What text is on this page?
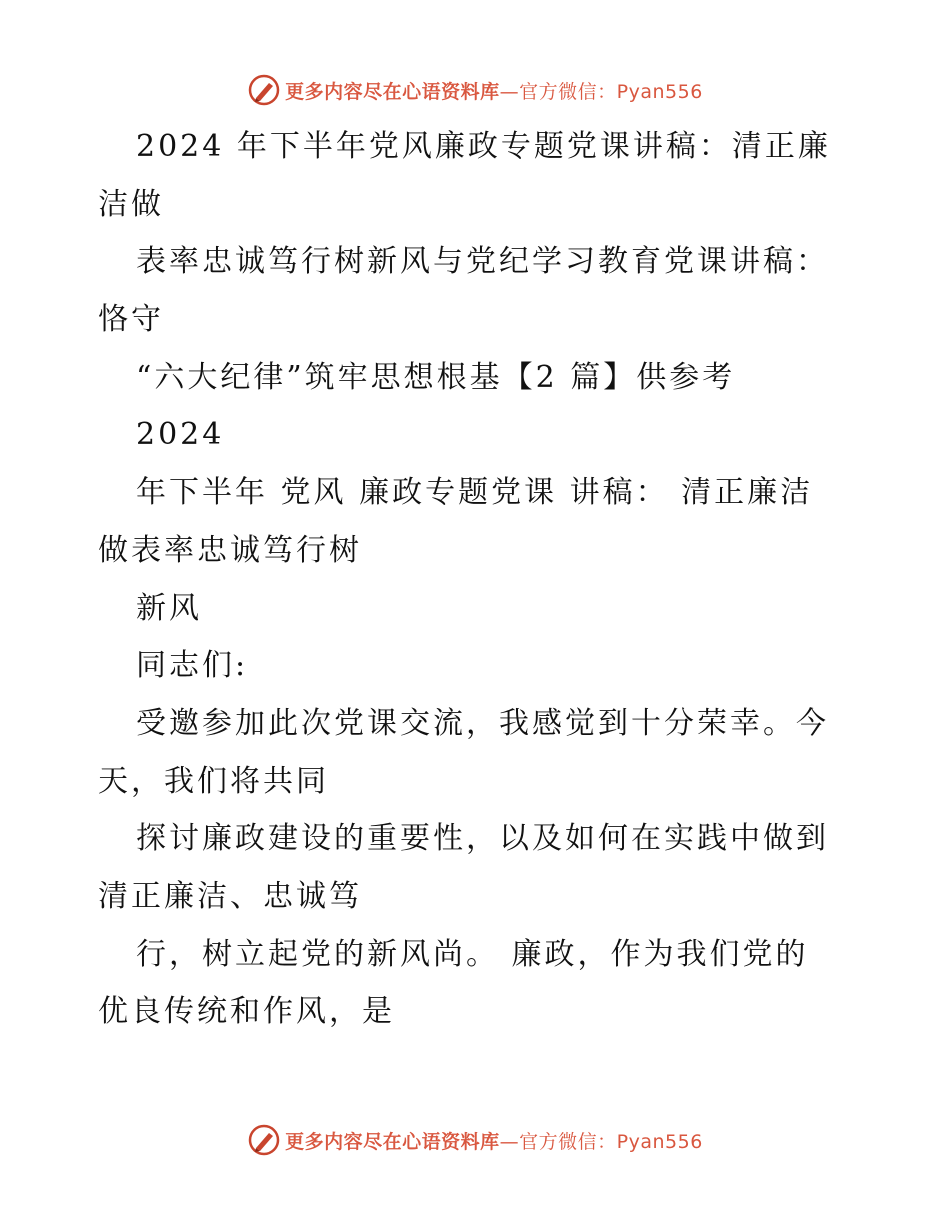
更多内容尽在心语资料库—官方微信：Pyan556
2024 年下半年党风廉政专题党课讲稿：清正廉
洁做
表率忠诚笃行树新风与党纪学习教育党课讲稿：
恪守
“六大纪律”筑牢思想根基【2 篇】供参考
2024
年下半年 党风 廉政专题党课 讲稿： 清正廉洁
做表率忠诚笃行树
新风
同志们:
受邀参加此次党课交流，我感觉到十分荣幸。今
天，我们将共同
探讨廉政建设的重要性，以及如何在实践中做到
清正廉洁、忠诚笃
行，树立起党的新风尚。 廉政，作为我们党的
优良传统和作风，是
更多内容尽在心语资料库—官方微信：Pyan556
